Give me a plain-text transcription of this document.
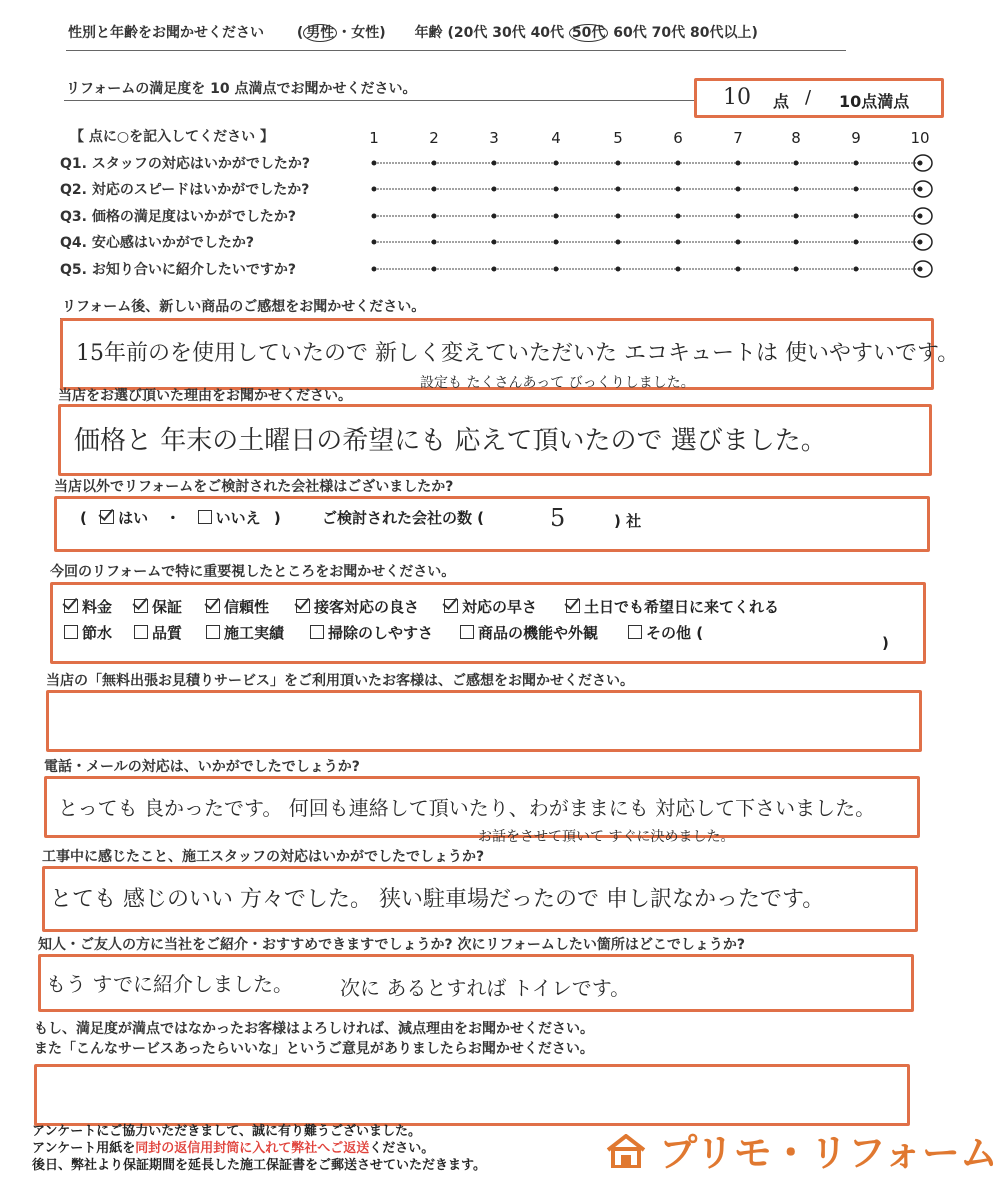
性別と年齢をお聞かせください ( 男性 ・女性) 年齢 (20代 30代 40代 50代 60代 70代 80代以上)
リフォームの満足度を 10 点満点でお聞かせください。	10 点 / 10点満点
【 点に○を記入してください 】	1	2	3	4	5	6	7	8	9	10
Q1. スタッフの対応はいかがでしたか?
Q2. 対応のスピードはいかがでしたか?
Q3. 価格の満足度はいかがでしたか?
Q4. 安心感はいかがでしたか?
Q5. お知り合いに紹介したいですか?
リフォーム後、新しい商品のご感想をお聞かせください。
15年前のを使用していたので 新しく変えていただいた エコキュートは 使いやすいです。
設定も たくさんあって びっくりしました。
当店をお選び頂いた理由をお聞かせください。
価格と 年末の土曜日の希望にも 応えて頂いたので 選びました。
当店以外でリフォームをご検討された会社様はございましたか?
( はい ・ いいえ )	ご検討された会社の数 (	5	) 社
今回のリフォームで特に重要視したところをお聞かせください。
料金	保証	信頼性	接客対応の良さ	対応の早さ	土日でも希望日に来てくれる
節水	品質	施工実績	掃除のしやすさ	商品の機能や外観	その他 (
)
当店の「無料出張お見積りサービス」をご利用頂いたお客様は、ご感想をお聞かせください。
電話・メールの対応は、いかがでしたでしょうか?
とっても 良かったです。 何回も連絡して頂いたり、わがままにも 対応して下さいました。
お話をさせて頂いて すぐに決めました。
工事中に感じたこと、施工スタッフの対応はいかがでしたでしょうか?
とても 感じのいい 方々でした。 狭い駐車場だったので 申し訳なかったです。
知人・ご友人の方に当社をご紹介・おすすめできますでしょうか? 次にリフォームしたい箇所はどこでしょうか?
もう すでに紹介しました。 次に あるとすれば トイレです。
もし、満足度が満点ではなかったお客様はよろしければ、減点理由をお聞かせください。
また「こんなサービスあったらいいな」というご意見がありましたらお聞かせください。
アンケートにご協力いただきまして、誠に有り難うございました。	プリモ・リフォーム
アンケート用紙を同封の返信用封筒に入れて弊社へご返送ください。
後日、弊社より保証期間を延長した施工保証書をご郵送させていただきます。
